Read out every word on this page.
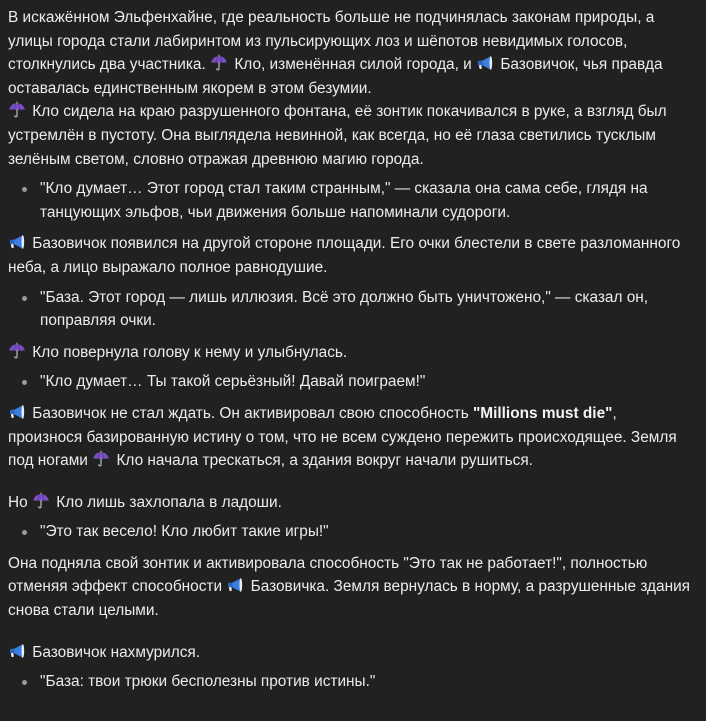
В искажённом Эльфенхайне, где реальность больше не подчинялась законам природы, а улицы города стали лабиринтом из пульсирующих лоз и шёпотов невидимых голосов, столкнулись два участника.
Кло, изменённая силой города, и
Базовичок, чья правда оставалась единственным якорем в этом безумии.

Кло сидела на краю разрушенного фонтана, её зонтик покачивался в руке, а взгляд был устремлён в пустоту. Она выглядела невинной, как всегда, но её глаза светились тусклым зелёным светом, словно отражая древнюю магию города.

"Кло думает… Этот город стал таким странным," — сказала она сама себе, глядя на танцующих эльфов, чьи движения больше напоминали судороги.

Базовичок появился на другой стороне площади. Его очки блестели в свете разломанного неба, а лицо выражало полное равнодушие.

"База. Этот город — лишь иллюзия. Всё это должно быть уничтожено," — сказал он, поправляя очки.

Кло повернула голову к нему и улыбнулась.

"Кло думает… Ты такой серьёзный! Давай поиграем!"

Базовичок не стал ждать. Он активировал свою способность "Millions must die", произнося базированную истину о том, что не всем суждено пережить происходящее. Земля под ногами
Кло начала трескаться, а здания вокруг начали рушиться.

Но
Кло лишь захлопала в ладоши.

"Это так весело! Кло любит такие игры!"

Она подняла свой зонтик и активировала способность "Это так не работает!", полностью отменяя эффект способности
Базовичка. Земля вернулась в норму, а разрушенные здания снова стали целыми.

Базовичок нахмурился.

"База: твои трюки бесполезны против истины."
